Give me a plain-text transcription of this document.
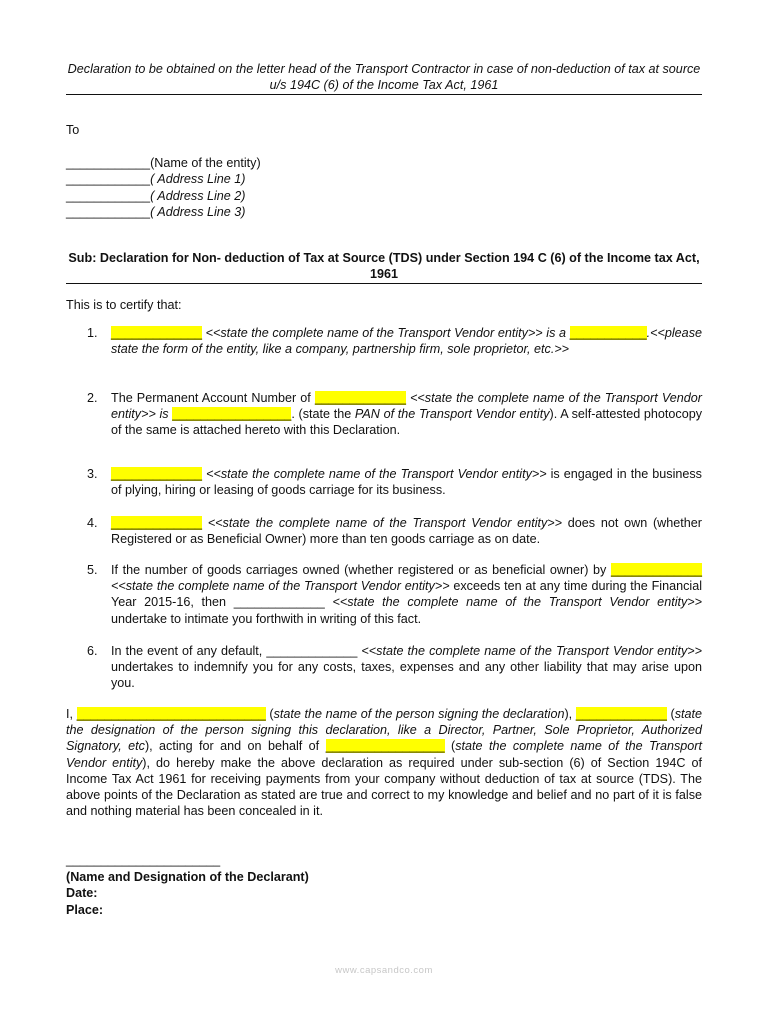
Declaration to be obtained on the letter head of the Transport Contractor in case of non-deduction of tax at source u/s 194C (6) of the Income Tax Act, 1961
To
____________(Name of the entity)
____________( Address Line 1)
____________( Address Line 2)
____________( Address Line 3)
Sub: Declaration for Non- deduction of Tax at Source (TDS) under Section 194 C (6) of the Income tax Act, 1961
This is to certify that:
1. _____________ <<state the complete name of the Transport Vendor entity>> is a ___________.<<please state the form of the entity, like a company, partnership firm, sole proprietor, etc.>>
2. The Permanent Account Number of _____________ <<state the complete name of the Transport Vendor entity>> is _________________. (state the PAN of the Transport Vendor entity). A self-attested photocopy of the same is attached hereto with this Declaration.
3. _____________ <<state the complete name of the Transport Vendor entity>> is engaged in the business of plying, hiring or leasing of goods carriage for its business.
4. _____________ <<state the complete name of the Transport Vendor entity>> does not own (whether Registered or as Beneficial Owner) more than ten goods carriage as on date.
5. If the number of goods carriages owned (whether registered or as beneficial owner) by _____________ <<state the complete name of the Transport Vendor entity>> exceeds ten at any time during the Financial Year 2015-16, then _____________ <<state the complete name of the Transport Vendor entity>> undertake to intimate you forthwith in writing of this fact.
6. In the event of any default, _____________ <<state the complete name of the Transport Vendor entity>> undertakes to indemnify you for any costs, taxes, expenses and any other liability that may arise upon you.
I, ___________________________ (state the name of the person signing the declaration), _____________ (state the designation of the person signing this declaration, like a Director, Partner, Sole Proprietor, Authorized Signatory, etc), acting for and on behalf of _________________ (state the complete name of the Transport Vendor entity), do hereby make the above declaration as required under sub-section (6) of Section 194C of Income Tax Act 1961 for receiving payments from your company without deduction of tax at source (TDS). The above points of the Declaration as stated are true and correct to my knowledge and belief and no part of it is false and nothing material has been concealed in it.
______________________
(Name and Designation of the Declarant)
Date:
Place:
www.capsandco.com
